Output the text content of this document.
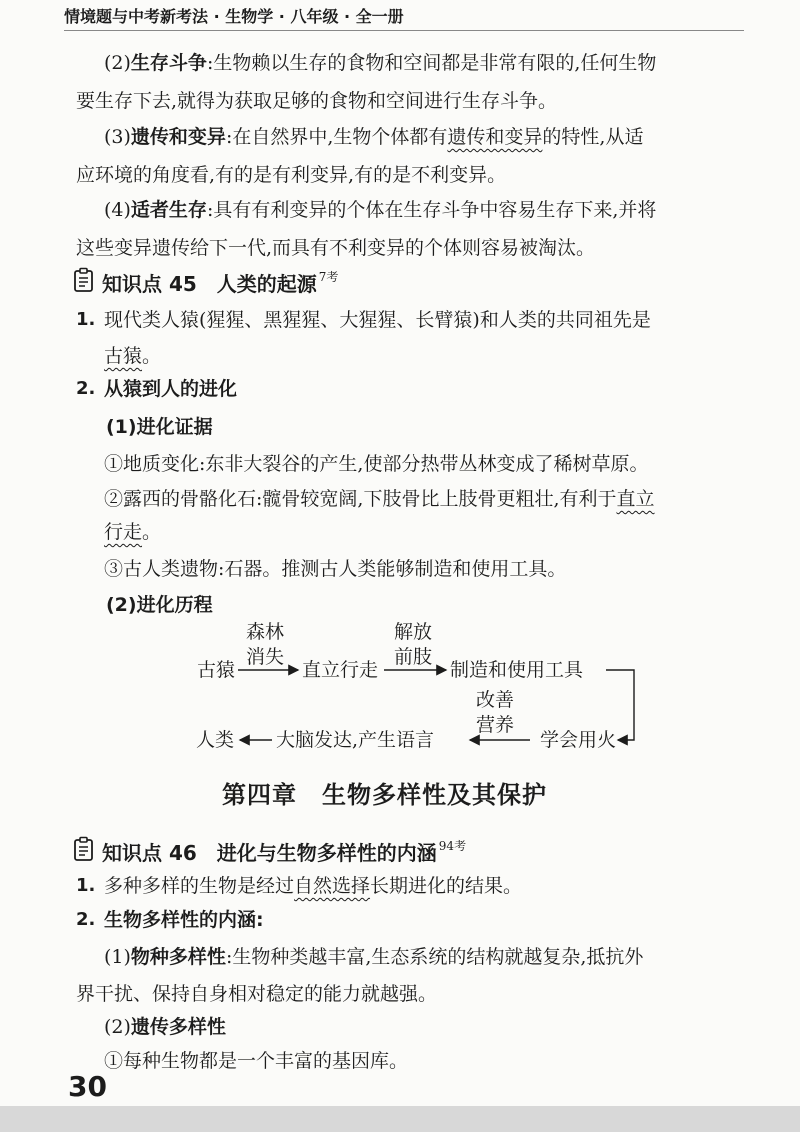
情境题与中考新考法 · 生物学 · 八年级 · 全一册
(2)生存斗争:生物赖以生存的食物和空间都是非常有限的,任何生物
要生存下去,就得为获取足够的食物和空间进行生存斗争。
(3)遗传和变异:在自然界中,生物个体都有遗传和变异的特性,从适
应环境的角度看,有的是有利变异,有的是不利变异。
(4)适者生存:具有有利变异的个体在生存斗争中容易生存下来,并将
这些变异遗传给下一代,而具有不利变异的个体则容易被淘汰。
知识点 45　人类的起源 $^{7考}$
1. 现代类人猿(猩猩、黑猩猩、大猩猩、长臂猿)和人类的共同祖先是
古猿。
2. 从猿到人的进化
(1)进化证据
①地质变化:东非大裂谷的产生,使部分热带丛林变成了稀树草原。
②露西的骨骼化石:髋骨较宽阔,下肢骨比上肢骨更粗壮,有利于直立
行走。
③古人类遗物:石器。推测古人类能够制造和使用工具。
(2)进化历程
古猿
森林
消失
直立行走
解放
前肢
制造和使用工具
学会用火
改善
营养
大脑发达,产生语言
人类
第四章　生物多样性及其保护
知识点 46　进化与生物多样性的内涵 $^{94考}$
1. 多种多样的生物是经过自然选择长期进化的结果。
2. 生物多样性的内涵:
(1)物种多样性:生物种类越丰富,生态系统的结构就越复杂,抵抗外
界干扰、保持自身相对稳定的能力就越强。
(2)遗传多样性
①每种生物都是一个丰富的基因库。
30
